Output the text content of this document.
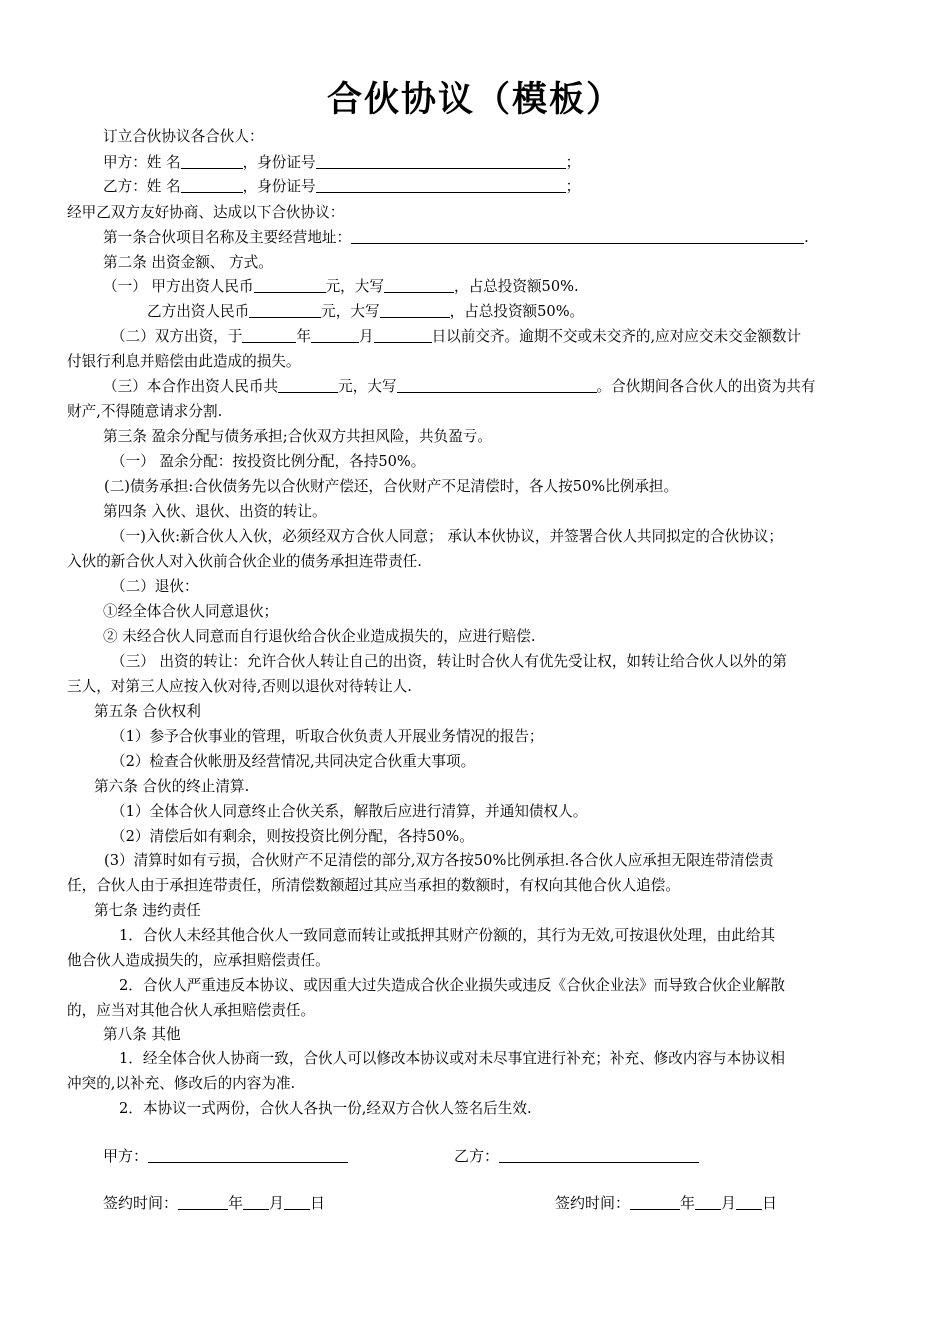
合伙协议（模板）
订立合伙协议各合伙人：
甲方：姓 名	，身份证号	；
乙方：姓 名	，身份证号	；
经甲乙双方友好协商、达成以下合伙协议：
第一条合伙项目名称及主要经营地址：	.
第二条 出资金额、 方式。
（一） 甲方出资人民币	元，大写	，占总投资额50%.
乙方出资人民币	元，大写	，占总投资额50%。
（二）双方出资，于	年	月	日以前交齐。逾期不交或未交齐的,应对应交未交金额数计
付银行利息并赔偿由此造成的损失。
（三）本合作出资人民币共	元，大写	。合伙期间各合伙人的出资为共有
财产,不得随意请求分割.
第三条 盈余分配与债务承担;合伙双方共担风险，共负盈亏。
（一） 盈余分配：按投资比例分配，各持50%。
(二)债务承担:合伙债务先以合伙财产偿还，合伙财产不足清偿时，各人按50%比例承担。
第四条 入伙、退伙、出资的转让。
（一)入伙:新合伙人入伙，必须经双方合伙人同意； 承认本伙协议，并签署合伙人共同拟定的合伙协议；
入伙的新合伙人对入伙前合伙企业的债务承担连带责任.
（二）退伙：
①经全体合伙人同意退伙；
② 未经合伙人同意而自行退伙给合伙企业造成损失的，应进行赔偿.
（三） 出资的转让：允许合伙人转让自己的出资，转让时合伙人有优先受让权，如转让给合伙人以外的第
三人，对第三人应按入伙对待,否则以退伙对待转让人.
第五条 合伙权利
（1）参予合伙事业的管理，听取合伙负责人开展业务情况的报告；
（2）检查合伙帐册及经营情况,共同决定合伙重大事项。
第六条 合伙的终止清算.
（1）全体合伙人同意终止合伙关系，解散后应进行清算，并通知债权人。
（2）清偿后如有剩余，则按投资比例分配，各持50%。
(3）清算时如有亏损，合伙财产不足清偿的部分,双方各按50%比例承担.各合伙人应承担无限连带清偿责
任，合伙人由于承担连带责任，所清偿数额超过其应当承担的数额时，有权向其他合伙人追偿。
第七条 违约责任
1．合伙人未经其他合伙人一致同意而转让或抵押其财产份额的，其行为无效,可按退伙处理，由此给其
他合伙人造成损失的，应承担赔偿责任。
2．合伙人严重违反本协议、或因重大过失造成合伙企业损失或违反《合伙企业法》而导致合伙企业解散
的，应当对其他合伙人承担赔偿责任。
第八条 其他
1．经全体合伙人协商一致，合伙人可以修改本协议或对未尽事宜进行补充；补充、修改内容与本协议相
冲突的,以补充、修改后的内容为准.
2．本协议一式两份，合伙人各执一份,经双方合伙人签名后生效.
甲方：	乙方：
签约时间：	年 月 日	签约时间：	年 月 日
